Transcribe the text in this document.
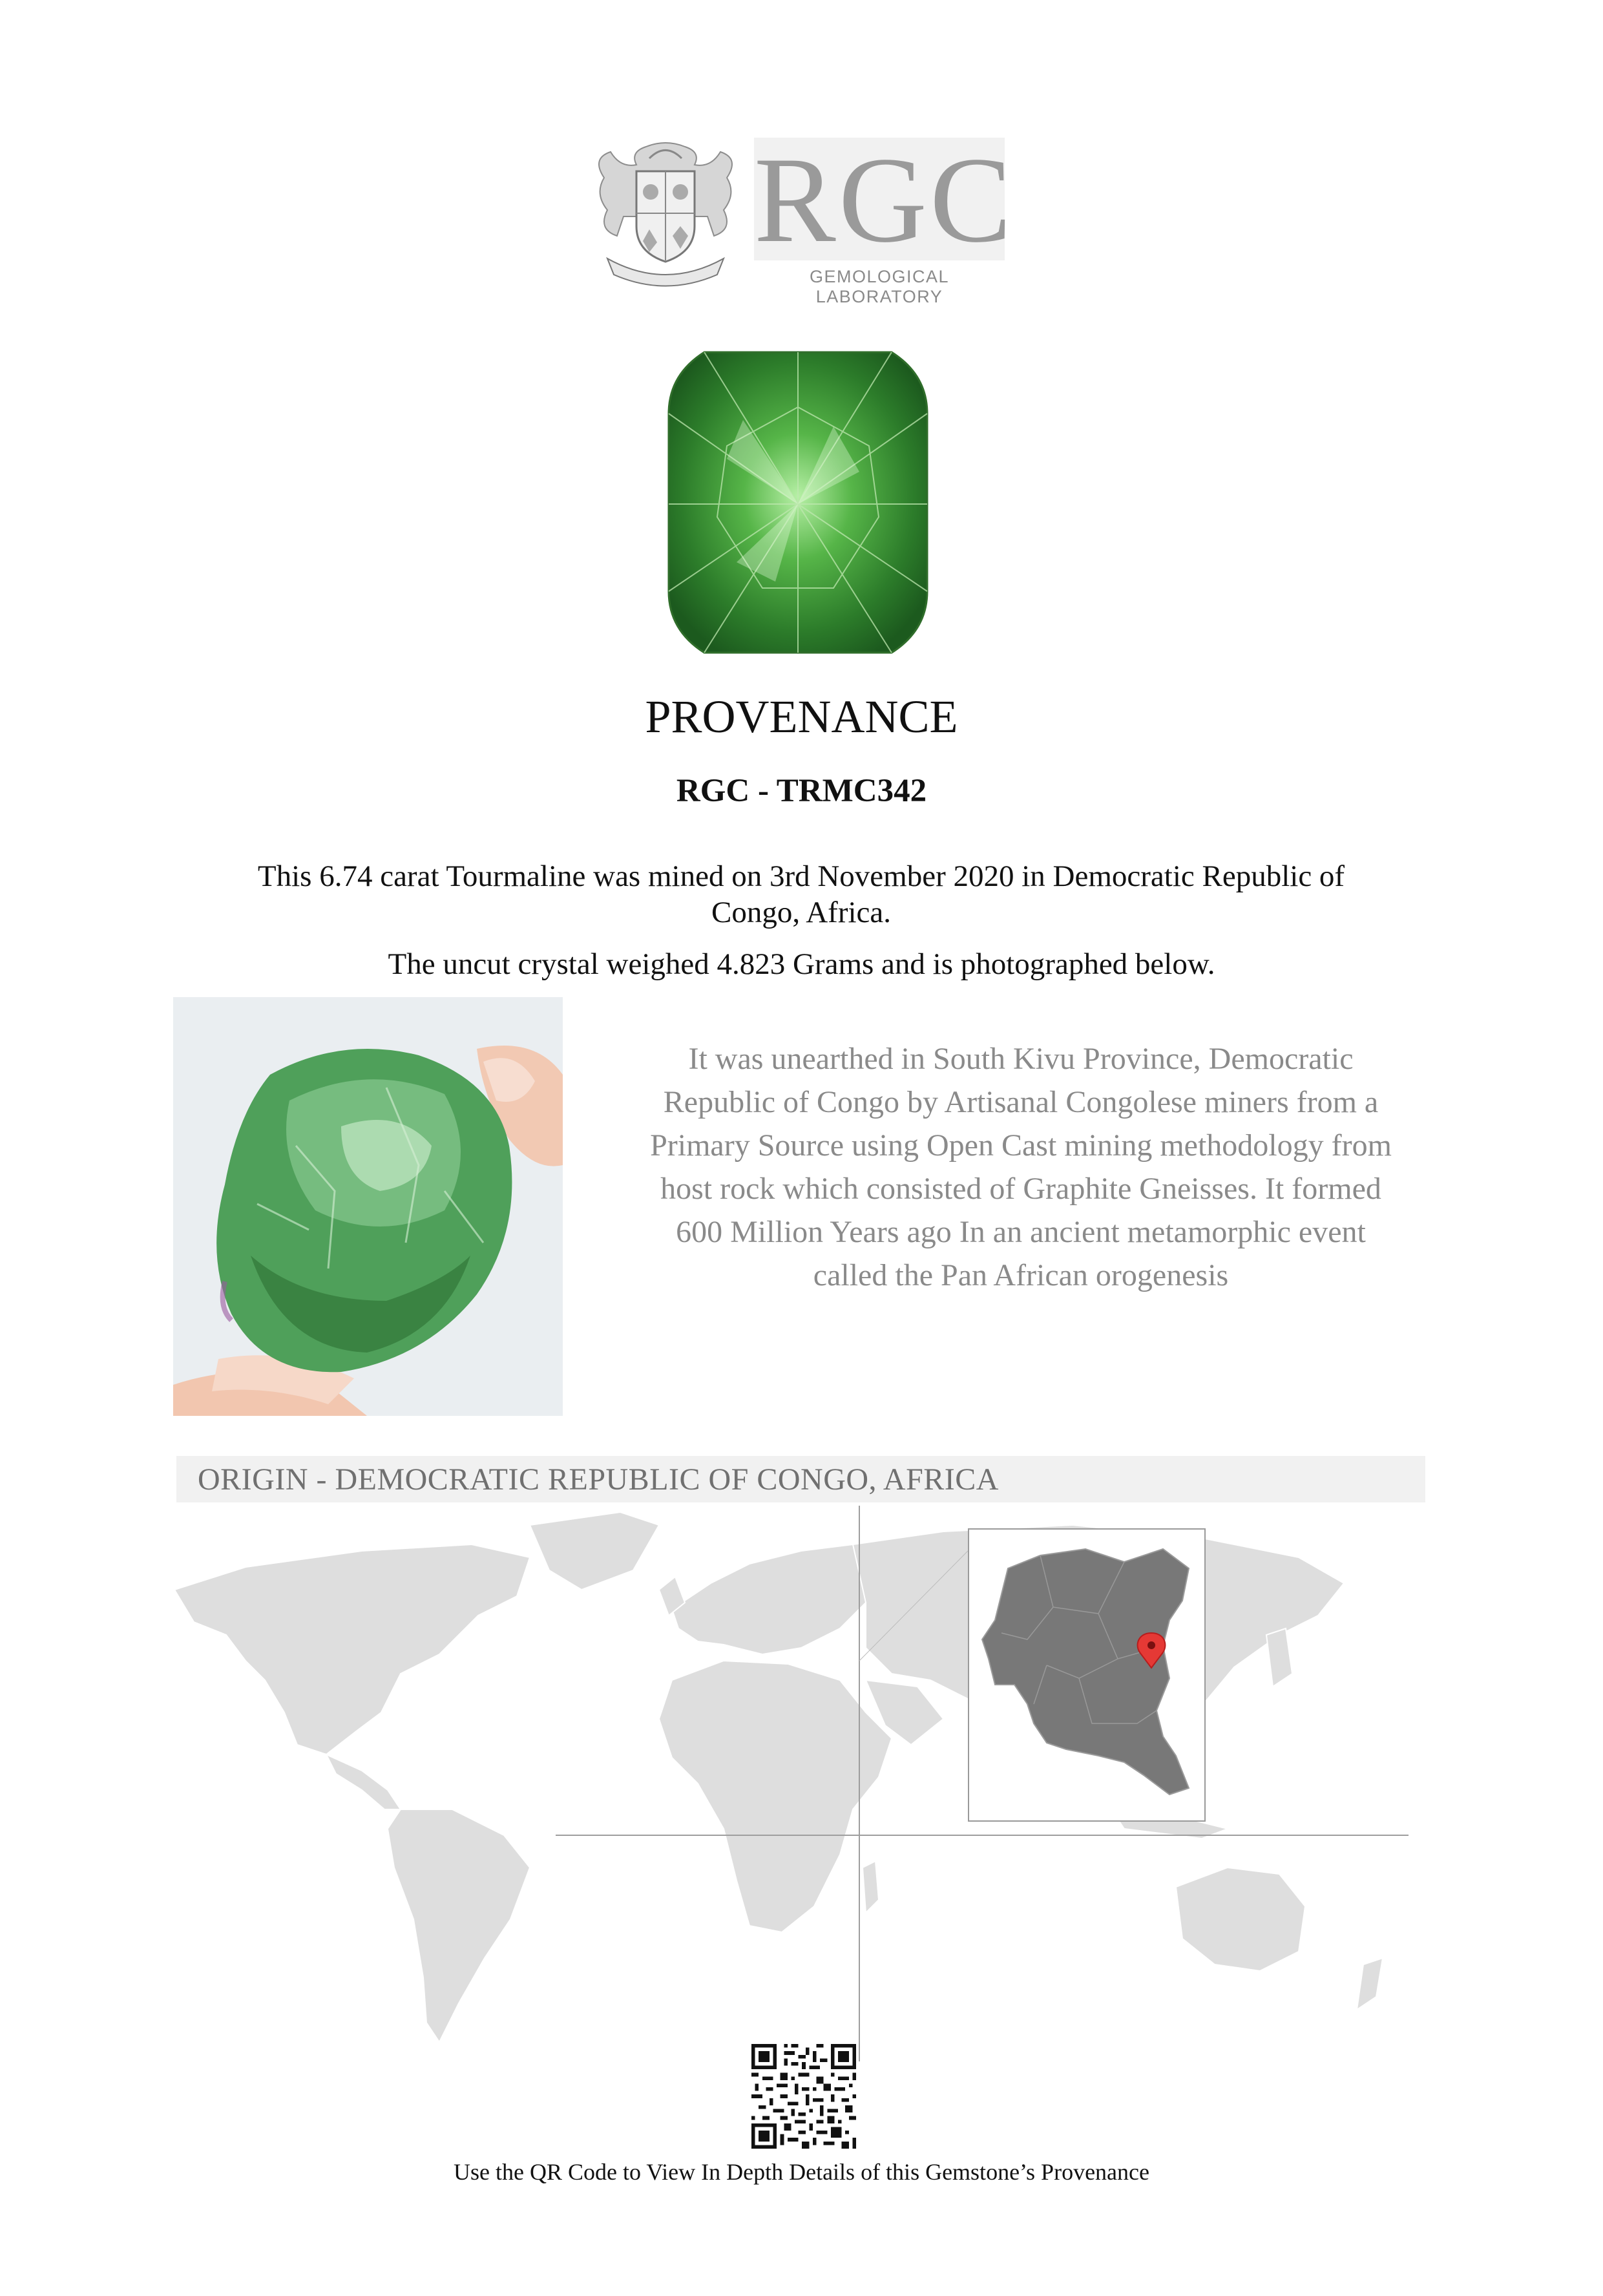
RGC
GEMOLOGICAL LABORATORY
PROVENANCE
RGC - TRMC342
This 6.74 carat Tourmaline was mined on 3rd November 2020 in Democratic Republic of Congo, Africa.
The uncut crystal weighed 4.823 Grams and is photographed below.
It was unearthed in South Kivu Province, Democratic Republic of Congo by Artisanal Congolese miners from a Primary Source using Open Cast mining methodology from host rock which consisted of Graphite Gneisses. It formed 600 Million Years ago In an ancient metamorphic event called the Pan African orogenesis
ORIGIN - DEMOCRATIC REPUBLIC OF CONGO, AFRICA
Use the QR Code to View In Depth Details of this Gemstone’s Provenance
